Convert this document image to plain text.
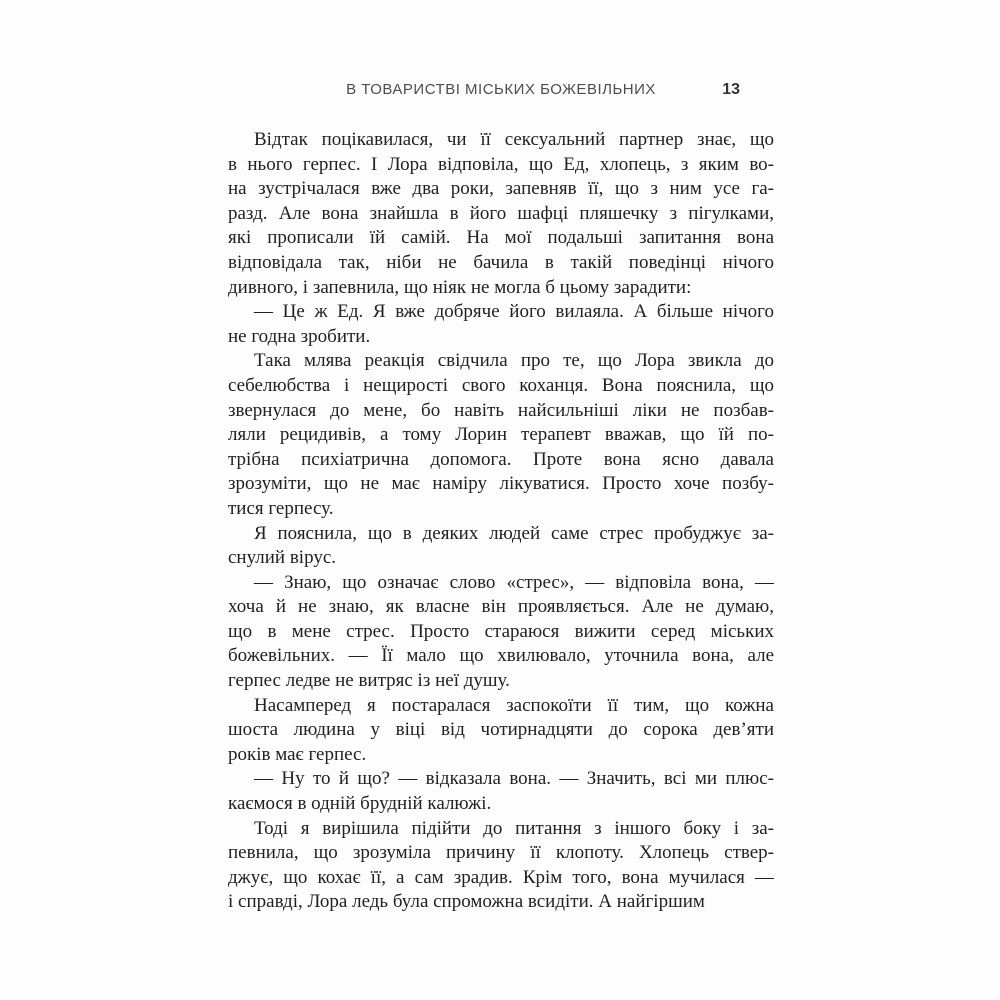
В ТОВАРИСТВІ МІСЬКИХ БОЖЕВІЛЬНИХ	13
Відтак поцікавилася, чи її сексуальний партнер знає, що
в нього герпес. І Лора відповіла, що Ед, хлопець, з яким во-
на зустрічалася вже два роки, запевняв її, що з ним усе га-
разд. Але вона знайшла в його шафці пляшечку з пігулками,
які прописали їй самій. На мої подальші запитання вона
відповідала так, ніби не бачила в такій поведінці нічого
дивного, і запевнила, що ніяк не могла б цьому зарадити:
— Це ж Ед. Я вже добряче його вилаяла. А більше нічого
не годна зробити.
Така млява реакція свідчила про те, що Лора звикла до
себелюбства і нещирості свого коханця. Вона пояснила, що
звернулася до мене, бо навіть найсильніші ліки не позбав-
ляли рецидивів, а тому Лорин терапевт вважав, що їй по-
трібна психіатрична допомога. Проте вона ясно давала
зрозуміти, що не має наміру лікуватися. Просто хоче позбу-
тися герпесу.
Я пояснила, що в деяких людей саме стрес пробуджує за-
снулий вірус.
— Знаю, що означає слово «стрес», — відповіла вона, —
хоча й не знаю, як власне він проявляється. Але не думаю,
що в мене стрес. Просто стараюся вижити серед міських
божевільних. — Її мало що хвилювало, уточнила вона, але
герпес ледве не витряс із неї душу.
Насамперед я постаралася заспокоїти її тим, що кожна
шоста людина у віці від чотирнадцяти до сорока дев’яти
років має герпес.
— Ну то й що? — відказала вона. — Значить, всі ми плюс-
каємося в одній брудній калюжі.
Тоді я вирішила підійти до питання з іншого боку і за-
певнила, що зрозуміла причину її клопоту. Хлопець ствер-
джує, що кохає її, а сам зрадив. Крім того, вона мучилася —
і справді, Лора ледь була спроможна всидіти. А найгіршим
